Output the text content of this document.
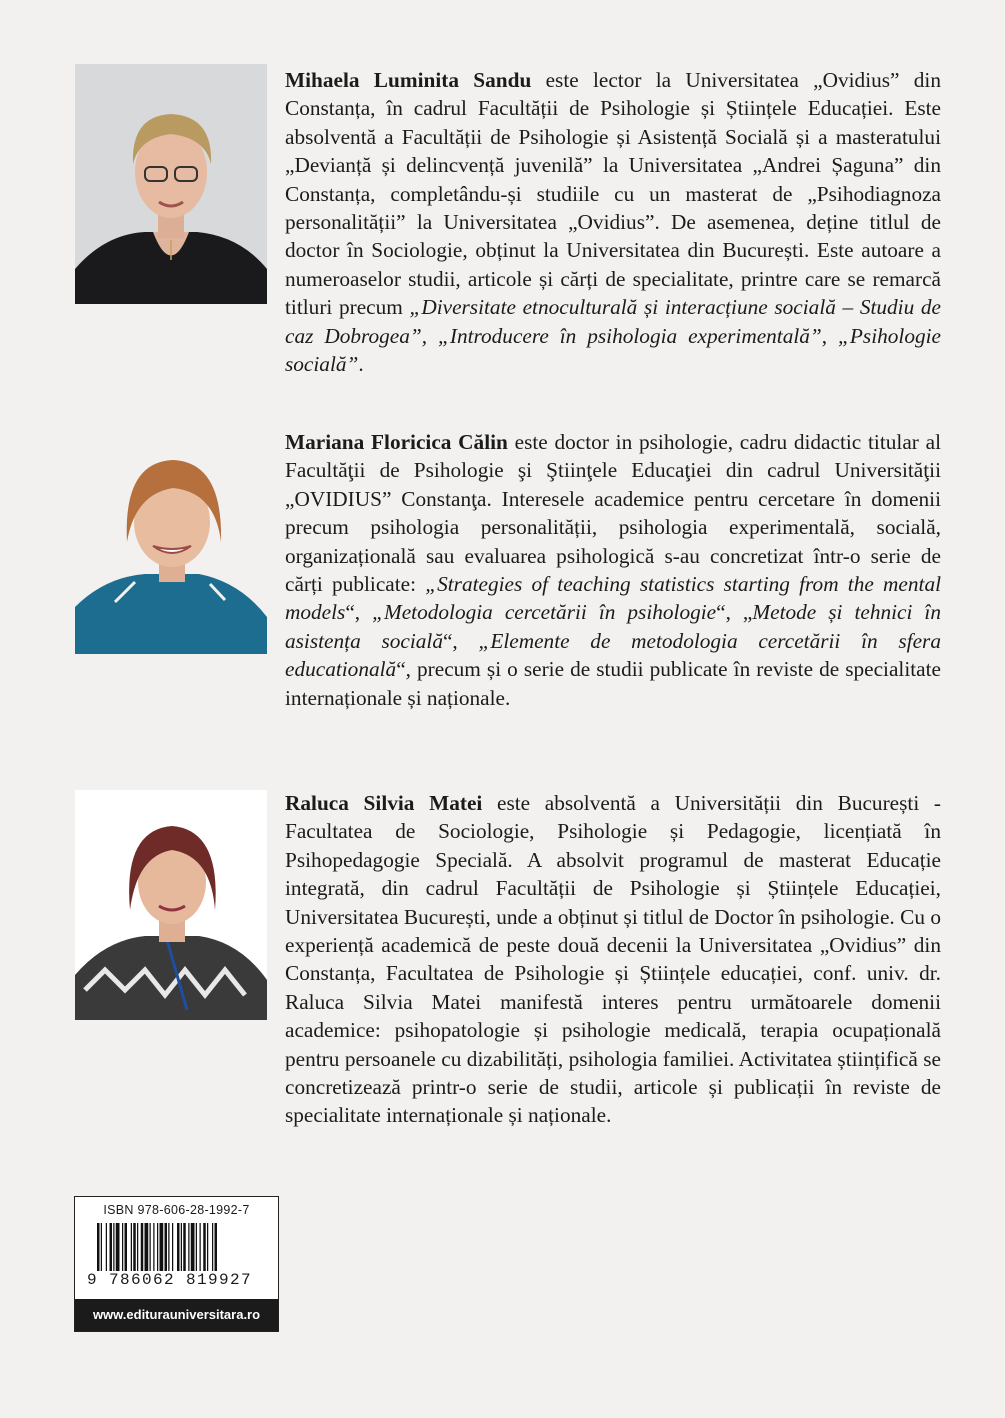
Mihaela Luminita Sandu este lector la Universitatea „Ovidius” din Constanța, în cadrul Facultății de Psihologie și Științele Educației. Este absolventă a Facultății de Psihologie și Asistență Socială și a masteratului „Devianță și delincvență juvenilă” la Universitatea „Andrei Șaguna” din Constanța, completându-și studiile cu un masterat de „Psihodiagnoza personalității” la Universitatea „Ovidius”. De asemenea, deține titlul de doctor în Sociologie, obținut la Universitatea din București. Este autoare a numeroaselor studii, articole și cărți de specialitate, printre care se remarcă titluri precum „Diversitate etnoculturală și interacțiune socială – Studiu de caz Dobrogea”, „Introducere în psihologia experimentală”, „Psihologie socială”.

Mariana Floricica Călin este doctor in psihologie, cadru didactic titular al Facultăţii de Psihologie şi Ştiinţele Educaţiei din cadrul Universităţii „OVIDIUS” Constanţa. Interesele academice pentru cercetare în domenii precum psihologia personalității, psihologia experimentală, socială, organizațională sau evaluarea psihologică s-au concretizat într-o serie de cărți publicate: „Strategies of teaching statistics starting from the mental models“, „Metodologia cercetării în psihologie“, „Metode și tehnici în asistența socială“, „Elemente de metodologia cercetării în sfera educatională“, precum și o serie de studii publicate în reviste de specialitate internaționale și naționale.

Raluca Silvia Matei este absolventă a Universității din București - Facultatea de Sociologie, Psihologie și Pedagogie, licențiată în Psihopedagogie Specială. A absolvit programul de masterat Educație integrată, din cadrul Facultății de Psihologie și Științele Educației, Universitatea București, unde a obținut și titlul de Doctor în psihologie. Cu o experiență academică de peste două decenii la Universitatea „Ovidius” din Constanța, Facultatea de Psihologie și Științele educației, conf. univ. dr. Raluca Silvia Matei manifestă interes pentru următoarele domenii academice: psihopatologie și psihologie medicală, terapia ocupațională pentru persoanele cu dizabilități, psihologia familiei. Activitatea științifică se concretizează printr-o serie de studii, articole și publicații în reviste de specialitate internaționale și naționale.

ISBN 978-606-28-1992-7
9 786062 819927
www.editurauniversitara.ro
